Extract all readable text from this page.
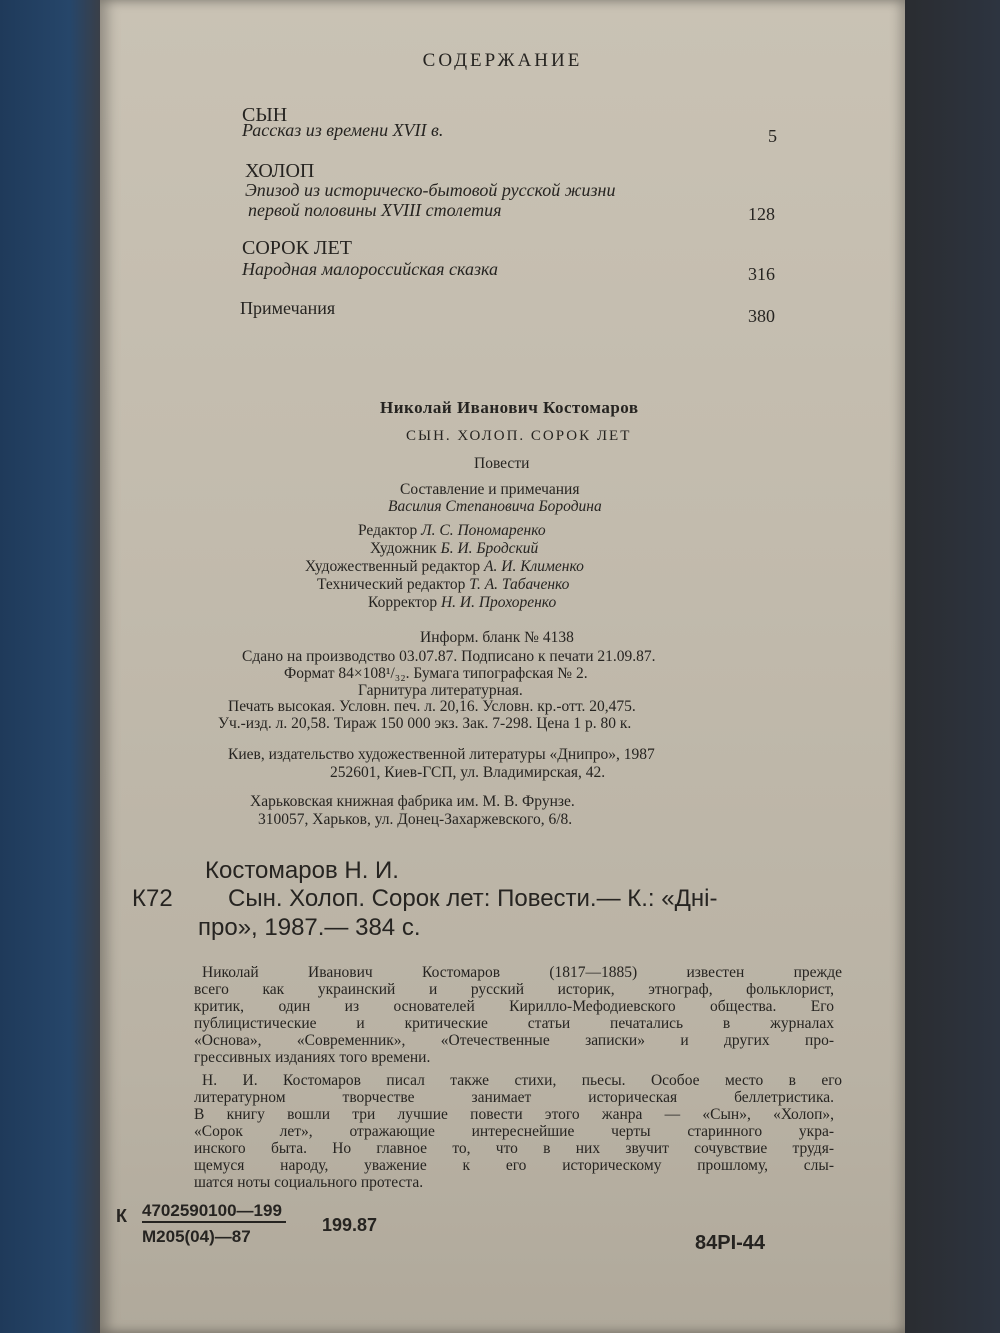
СОДЕРЖАНИЕ
СЫН
Рассказ из времени XVII в.	5
ХОЛОП
Эпизод из историческо-бытовой русской жизни
первой половины XVIII столетия	128
СОРОК ЛЕТ
Народная малороссийская сказка	316
Примечания	380
Николай Иванович Костомаров
СЫН. ХОЛОП. СОРОК ЛЕТ
Повести
Составление и примечания
Василия Степановича Бородина
Редактор Л. С. Пономаренко
Художник Б. И. Бродский
Художественный редактор А. И. Клименко
Технический редактор Т. А. Табаченко
Корректор Н. И. Прохоренко
Информ. бланк № 4138
Сдано на производство 03.07.87. Подписано к печати 21.09.87.
Формат 84×108¹/₃₂. Бумага типографская № 2.
Гарнитура литературная.
Печать высокая. Условн. печ. л. 20,16. Условн. кр.-отт. 20,475.
Уч.-изд. л. 20,58. Тираж 150 000 экз. Зак. 7-298. Цена 1 р. 80 к.
Киев, издательство художественной литературы «Днипро», 1987
252601, Киев-ГСП, ул. Владимирская, 42.
Харьковская книжная фабрика им. М. В. Фрунзе.
310057, Харьков, ул. Донец-Захаржевского, 6/8.
Костомаров Н. И.
К72 Сын. Холоп. Сорок лет: Повести.— К.: «Дні-
про», 1987.— 384 с.
Николай Иванович Костомаров (1817—1885) известен прежде
всего как украинский и русский историк, этнограф, фольклорист,
критик, один из основателей Кирилло-Мефодиевского общества. Его
публицистические и критические статьи печатались в журналах
«Основа», «Современник», «Отечественные записки» и других про-
грессивных изданиях того времени.
Н. И. Костомаров писал также стихи, пьесы. Особое место в его
литературном творчестве занимает историческая беллетристика.
В книгу вошли три лучшие повести этого жанра — «Сын», «Холоп»,
«Сорок лет», отражающие интереснейшие черты старинного укра-
инского быта. Но главное то, что в них звучит сочувствие трудя-
щемуся народу, уважение к его историческому прошлому, слы-
шатся ноты социального протеста.
К 4702590100—199
М205(04)—87
199.87
84PI-44
